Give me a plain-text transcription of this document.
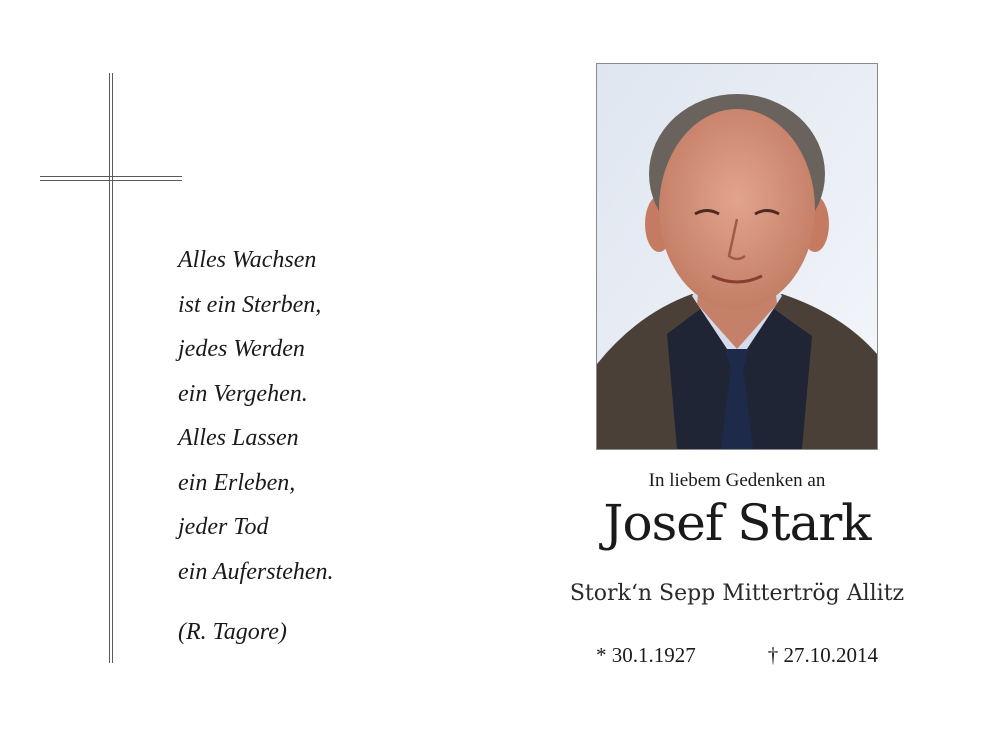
Alles Wachsen
ist ein Sterben,
jedes Werden
ein Vergehen.
Alles Lassen
ein Erleben,
jeder Tod
ein Auferstehen.
(R. Tagore)
In liebem Gedenken an
Josef Stark
Stork‘n Sepp Mittertrög Allitz
* 30.1.1927	† 27.10.2014
